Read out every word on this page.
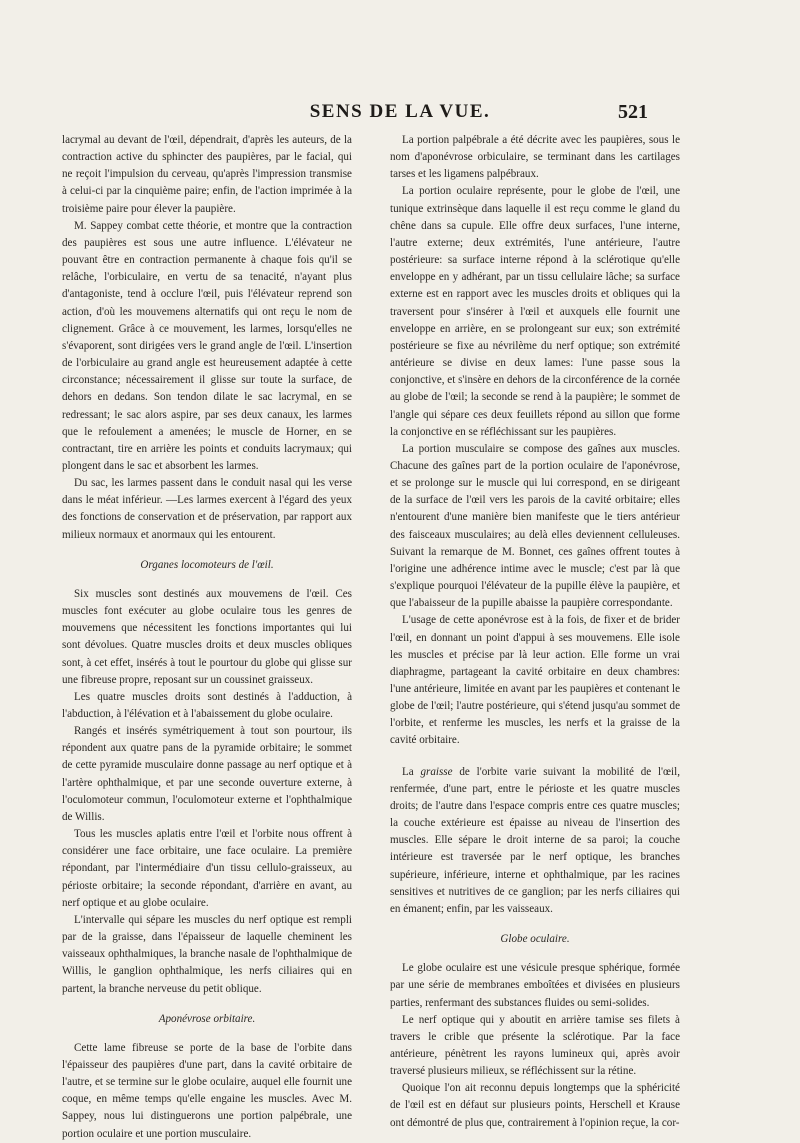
SENS DE LA VUE.	521

lacrymal au devant de l'œil, dépendrait, d'après les auteurs, de la contraction active du sphincter des paupières, par le facial, qui ne reçoit l'impulsion du cerveau, qu'après l'impression transmise à celui-ci par la cinquième paire; enfin, de l'action imprimée à la troisième paire pour élever la paupière.

M. Sappey combat cette théorie, et montre que la contraction des paupières est sous une autre influence. L'élévateur ne pouvant être en contraction permanente à chaque fois qu'il se relâche, l'orbiculaire, en vertu de sa tenacité, n'ayant plus d'antagoniste, tend à occlure l'œil, puis l'élévateur reprend son action, d'où les mouvemens alternatifs qui ont reçu le nom de clignement. Grâce à ce mouvement, les larmes, lorsqu'elles ne s'évaporent, sont dirigées vers le grand angle de l'œil. L'insertion de l'orbiculaire au grand angle est heureusement adaptée à cette circonstance; nécessairement il glisse sur toute la surface, de dehors en dedans. Son tendon dilate le sac lacrymal, en se redressant; le sac alors aspire, par ses deux canaux, les larmes que le refoulement a amenées; le muscle de Horner, en se contractant, tire en arrière les points et conduits lacrymaux; qui plongent dans le sac et absorbent les larmes.

Du sac, les larmes passent dans le conduit nasal qui les verse dans le méat inférieur. —Les larmes exercent à l'égard des yeux des fonctions de conservation et de préservation, par rapport aux milieux normaux et anormaux qui les entourent.

Organes locomoteurs de l'œil.

Six muscles sont destinés aux mouvemens de l'œil. Ces muscles font exécuter au globe oculaire tous les genres de mouvemens que nécessitent les fonctions importantes qui lui sont dévolues. Quatre muscles droits et deux muscles obliques sont, à cet effet, insérés à tout le pourtour du globe qui glisse sur une fibreuse propre, reposant sur un coussinet graisseux.

Les quatre muscles droits sont destinés à l'adduction, à l'abduction, à l'élévation et à l'abaissement du globe oculaire.

Rangés et insérés symétriquement à tout son pourtour, ils répondent aux quatre pans de la pyramide orbitaire; le sommet de cette pyramide musculaire donne passage au nerf optique et à l'artère ophthalmique, et par une seconde ouverture externe, à l'oculomoteur commun, l'oculomoteur externe et l'ophthalmique de Willis.

Tous les muscles aplatis entre l'œil et l'orbite nous offrent à considérer une face orbitaire, une face oculaire. La première répondant, par l'intermédiaire d'un tissu cellulo-graisseux, au périoste orbitaire; la seconde répondant, d'arrière en avant, au nerf optique et au globe oculaire.

L'intervalle qui sépare les muscles du nerf optique est rempli par de la graisse, dans l'épaisseur de laquelle cheminent les vaisseaux ophthalmiques, la branche nasale de l'ophthalmique de Willis, le ganglion ophthalmique, les nerfs ciliaires qui en partent, la branche nerveuse du petit oblique.

Aponévrose orbitaire.

Cette lame fibreuse se porte de la base de l'orbite dans l'épaisseur des paupières d'une part, dans la cavité orbitaire de l'autre, et se termine sur le globe oculaire, auquel elle fournit une coque, en même temps qu'elle engaine les muscles. Avec M. Sappey, nous lui distinguerons une portion palpébrale, une portion oculaire et une portion musculaire.

La portion palpébrale a été décrite avec les paupières, sous le nom d'aponévrose orbiculaire, se terminant dans les cartilages tarses et les ligamens palpébraux.

La portion oculaire représente, pour le globe de l'œil, une tunique extrinsèque dans laquelle il est reçu comme le gland du chêne dans sa cupule. Elle offre deux surfaces, l'une interne, l'autre externe; deux extrémités, l'une antérieure, l'autre postérieure: sa surface interne répond à la sclérotique qu'elle enveloppe en y adhérant, par un tissu cellulaire lâche; sa surface externe est en rapport avec les muscles droits et obliques qui la traversent pour s'insérer à l'œil et auxquels elle fournit une enveloppe en arrière, en se prolongeant sur eux; son extrémité postérieure se fixe au névrilème du nerf optique; son extrémité antérieure se divise en deux lames: l'une passe sous la conjonctive, et s'insère en dehors de la circonférence de la cornée au globe de l'œil; la seconde se rend à la paupière; le sommet de l'angle qui sépare ces deux feuillets répond au sillon que forme la conjonctive en se réfléchissant sur les paupières.

La portion musculaire se compose des gaînes aux muscles. Chacune des gaînes part de la portion oculaire de l'aponévrose, et se prolonge sur le muscle qui lui correspond, en se dirigeant de la surface de l'œil vers les parois de la cavité orbitaire; elles n'entourent d'une manière bien manifeste que le tiers antérieur des faisceaux musculaires; au delà elles deviennent celluleuses. Suivant la remarque de M. Bonnet, ces gaînes offrent toutes à l'origine une adhérence intime avec le muscle; c'est par là que s'explique pourquoi l'élévateur de la pupille élève la paupière, et que l'abaisseur de la pupille abaisse la paupière correspondante.

L'usage de cette aponévrose est à la fois, de fixer et de brider l'œil, en donnant un point d'appui à ses mouvemens. Elle isole les muscles et précise par là leur action. Elle forme un vrai diaphragme, partageant la cavité orbitaire en deux chambres: l'une antérieure, limitée en avant par les paupières et contenant le globe de l'œil; l'autre postérieure, qui s'étend jusqu'au sommet de l'orbite, et renferme les muscles, les nerfs et la graisse de la cavité orbitaire.

La graisse de l'orbite varie suivant la mobilité de l'œil, renfermée, d'une part, entre le périoste et les quatre muscles droits; de l'autre dans l'espace compris entre ces quatre muscles; la couche extérieure est épaisse au niveau de l'insertion des muscles. Elle sépare le droit interne de sa paroi; la couche intérieure est traversée par le nerf optique, les branches supérieure, inférieure, interne et ophthalmique, par les racines sensitives et nutritives de ce ganglion; par les nerfs ciliaires qui en émanent; enfin, par les vaisseaux.

Globe oculaire.

Le globe oculaire est une vésicule presque sphérique, formée par une série de membranes emboîtées et divisées en plusieurs parties, renfermant des substances fluides ou semi-solides.

Le nerf optique qui y aboutit en arrière tamise ses filets à travers le crible que présente la sclérotique. Par la face antérieure, pénètrent les rayons lumineux qui, après avoir traversé plusieurs milieux, se réfléchissent sur la rétine.

Quoique l'on ait reconnu depuis longtemps que la sphéricité de l'œil est en défaut sur plusieurs points, Herschell et Krause ont démontré de plus que, contrairement à l'opinion reçue, la cor-
